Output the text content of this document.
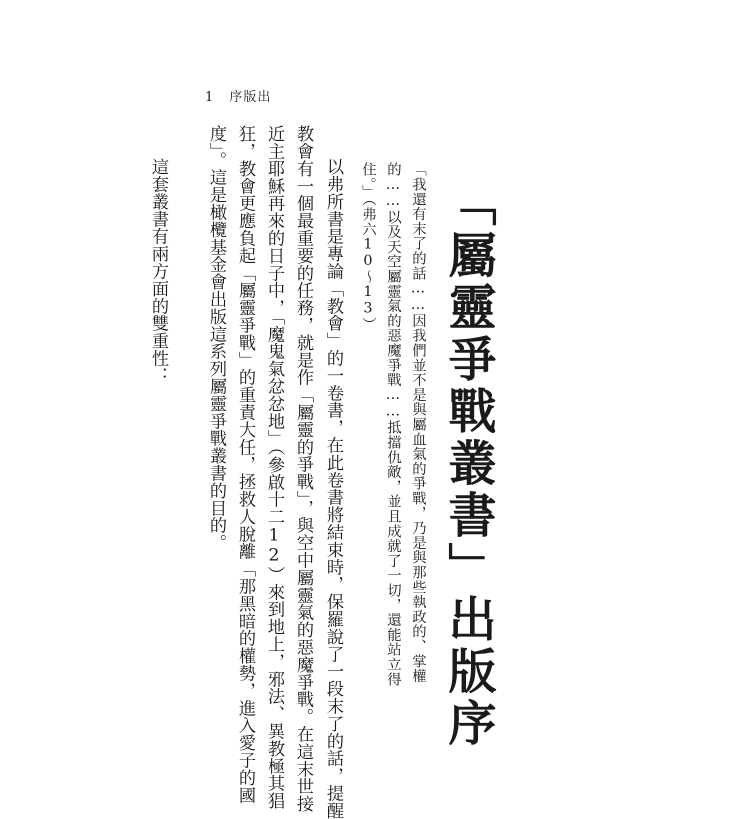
1 序版出
「屬靈爭戰叢書」出版序
「我還有末了的話……因我們並不是與屬血氣的爭戰，乃是與那些執政的、掌權
的……以及天空屬靈氣的惡魔爭戰……抵擋仇敵，並且成就了一切，還能站立得
住。」（弗六10～13）
以弗所書是專論「教會」的一卷書，在此卷書將結束時，保羅說了一段末了的話，提醒
教會有一個最重要的任務，就是作「屬靈的爭戰」，與空中屬靈氣的惡魔爭戰。在這末世接
近主耶穌再來的日子中，「魔鬼氣忿忿地」（參啟十二12）來到地上，邪法、異教極其猖
狂，教會更應負起「屬靈爭戰」的重責大任，拯救人脫離「那黑暗的權勢，進入愛子的國
度」。這是橄欖基金會出版這系列屬靈爭戰叢書的目的。
這套叢書有兩方面的雙重性：
